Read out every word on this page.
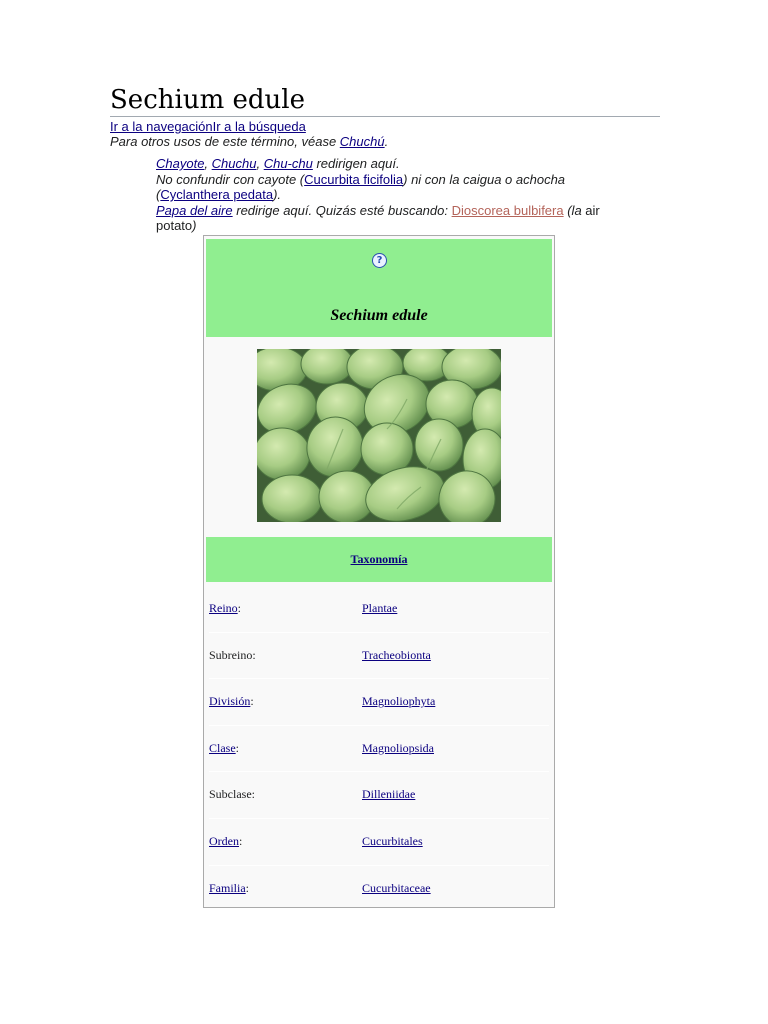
Sechium edule
Ir a la navegaciónIr a la búsqueda
Para otros usos de este término, véase Chuchú.
Chayote, Chuchu, Chu-chu redirigen aquí.
No confundir con cayote (Cucurbita ficifolia) ni con la caigua o achocha (Cyclanthera pedata).
Papa del aire redirige aquí. Quizás esté buscando: Dioscorea bulbifera (la air potato)
?
Sechium edule
Taxonomía
Reino:	Plantae
Subreino:	Tracheobionta
División:	Magnoliophyta
Clase:	Magnoliopsida
Subclase:	Dilleniidae
Orden:	Cucurbitales
Familia:	Cucurbitaceae
